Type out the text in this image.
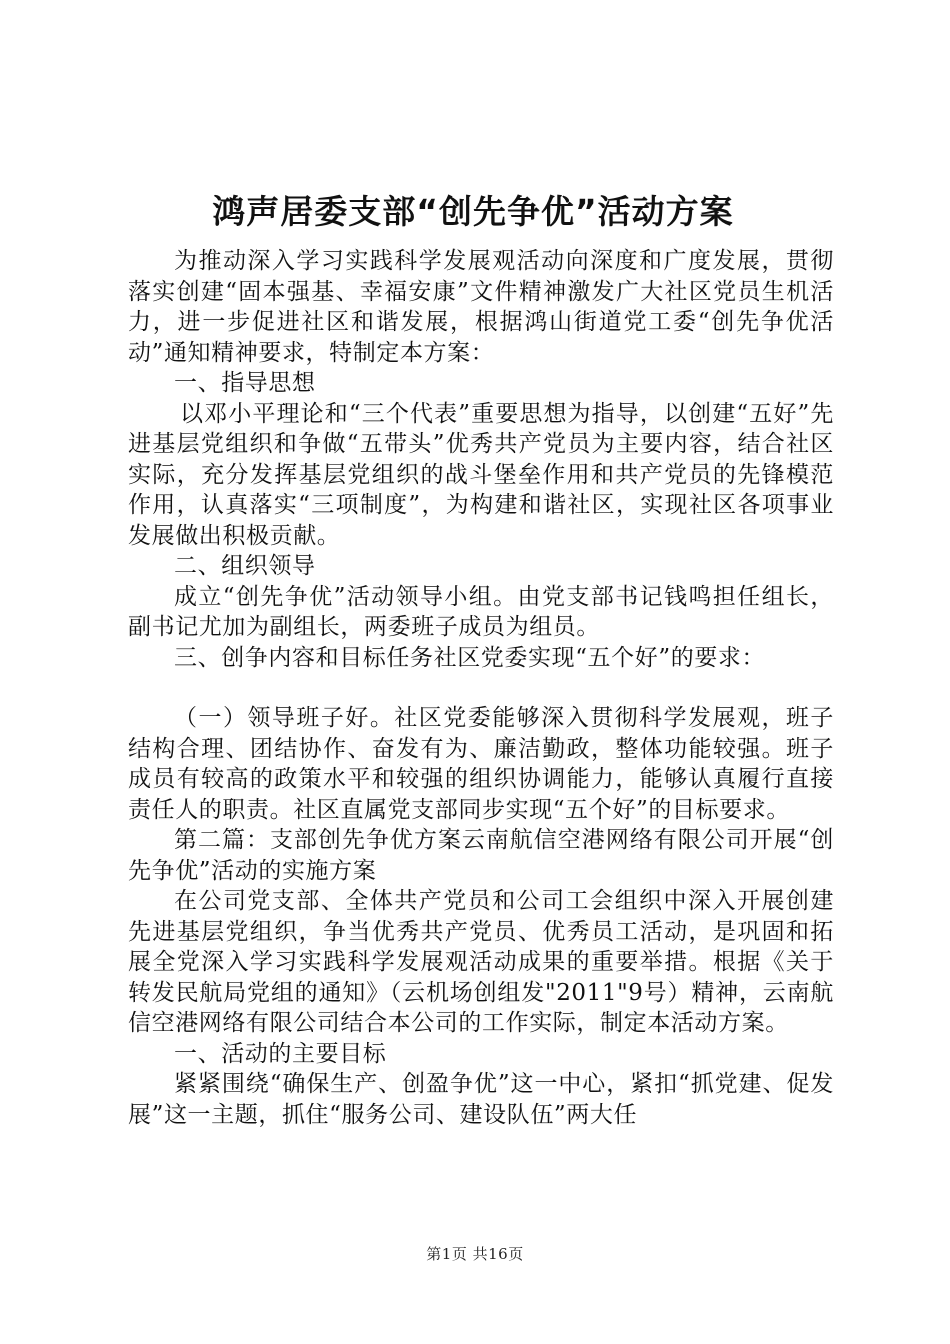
鸿声居委支部“创先争优”活动方案

为推动深入学习实践科学发展观活动向深度和广度发展，贯彻落实创建“固本强基、幸福安康”文件精神激发广大社区党员生机活力，进一步促进社区和谐发展，根据鸿山街道党工委“创先争优活动”通知精神要求，特制定本方案：

一、指导思想

以邓小平理论和“三个代表”重要思想为指导，以创建“五好”先进基层党组织和争做“五带头”优秀共产党员为主要内容，结合社区实际，充分发挥基层党组织的战斗堡垒作用和共产党员的先锋模范作用，认真落实“三项制度”，为构建和谐社区，实现社区各项事业发展做出积极贡献。

二、组织领导

成立“创先争优”活动领导小组。由党支部书记钱鸣担任组长，副书记尤加为副组长，两委班子成员为组员。

三、创争内容和目标任务社区党委实现“五个好”的要求：

（一）领导班子好。社区党委能够深入贯彻科学发展观，班子结构合理、团结协作、奋发有为、廉洁勤政，整体功能较强。班子成员有较高的政策水平和较强的组织协调能力，能够认真履行直接责任人的职责。社区直属党支部同步实现“五个好”的目标要求。

第二篇：支部创先争优方案云南航信空港网络有限公司开展“创先争优”活动的实施方案

在公司党支部、全体共产党员和公司工会组织中深入开展创建先进基层党组织，争当优秀共产党员、优秀员工活动，是巩固和拓展全党深入学习实践科学发展观活动成果的重要举措。根据《关于转发民航局党组的通知》（云机场创组发"2011"9号）精神，云南航信空港网络有限公司结合本公司的工作实际，制定本活动方案。

一、活动的主要目标

紧紧围绕“确保生产、创盈争优”这一中心，紧扣“抓党建、促发展”这一主题，抓住“服务公司、建设队伍”两大任

第1页 共16页
